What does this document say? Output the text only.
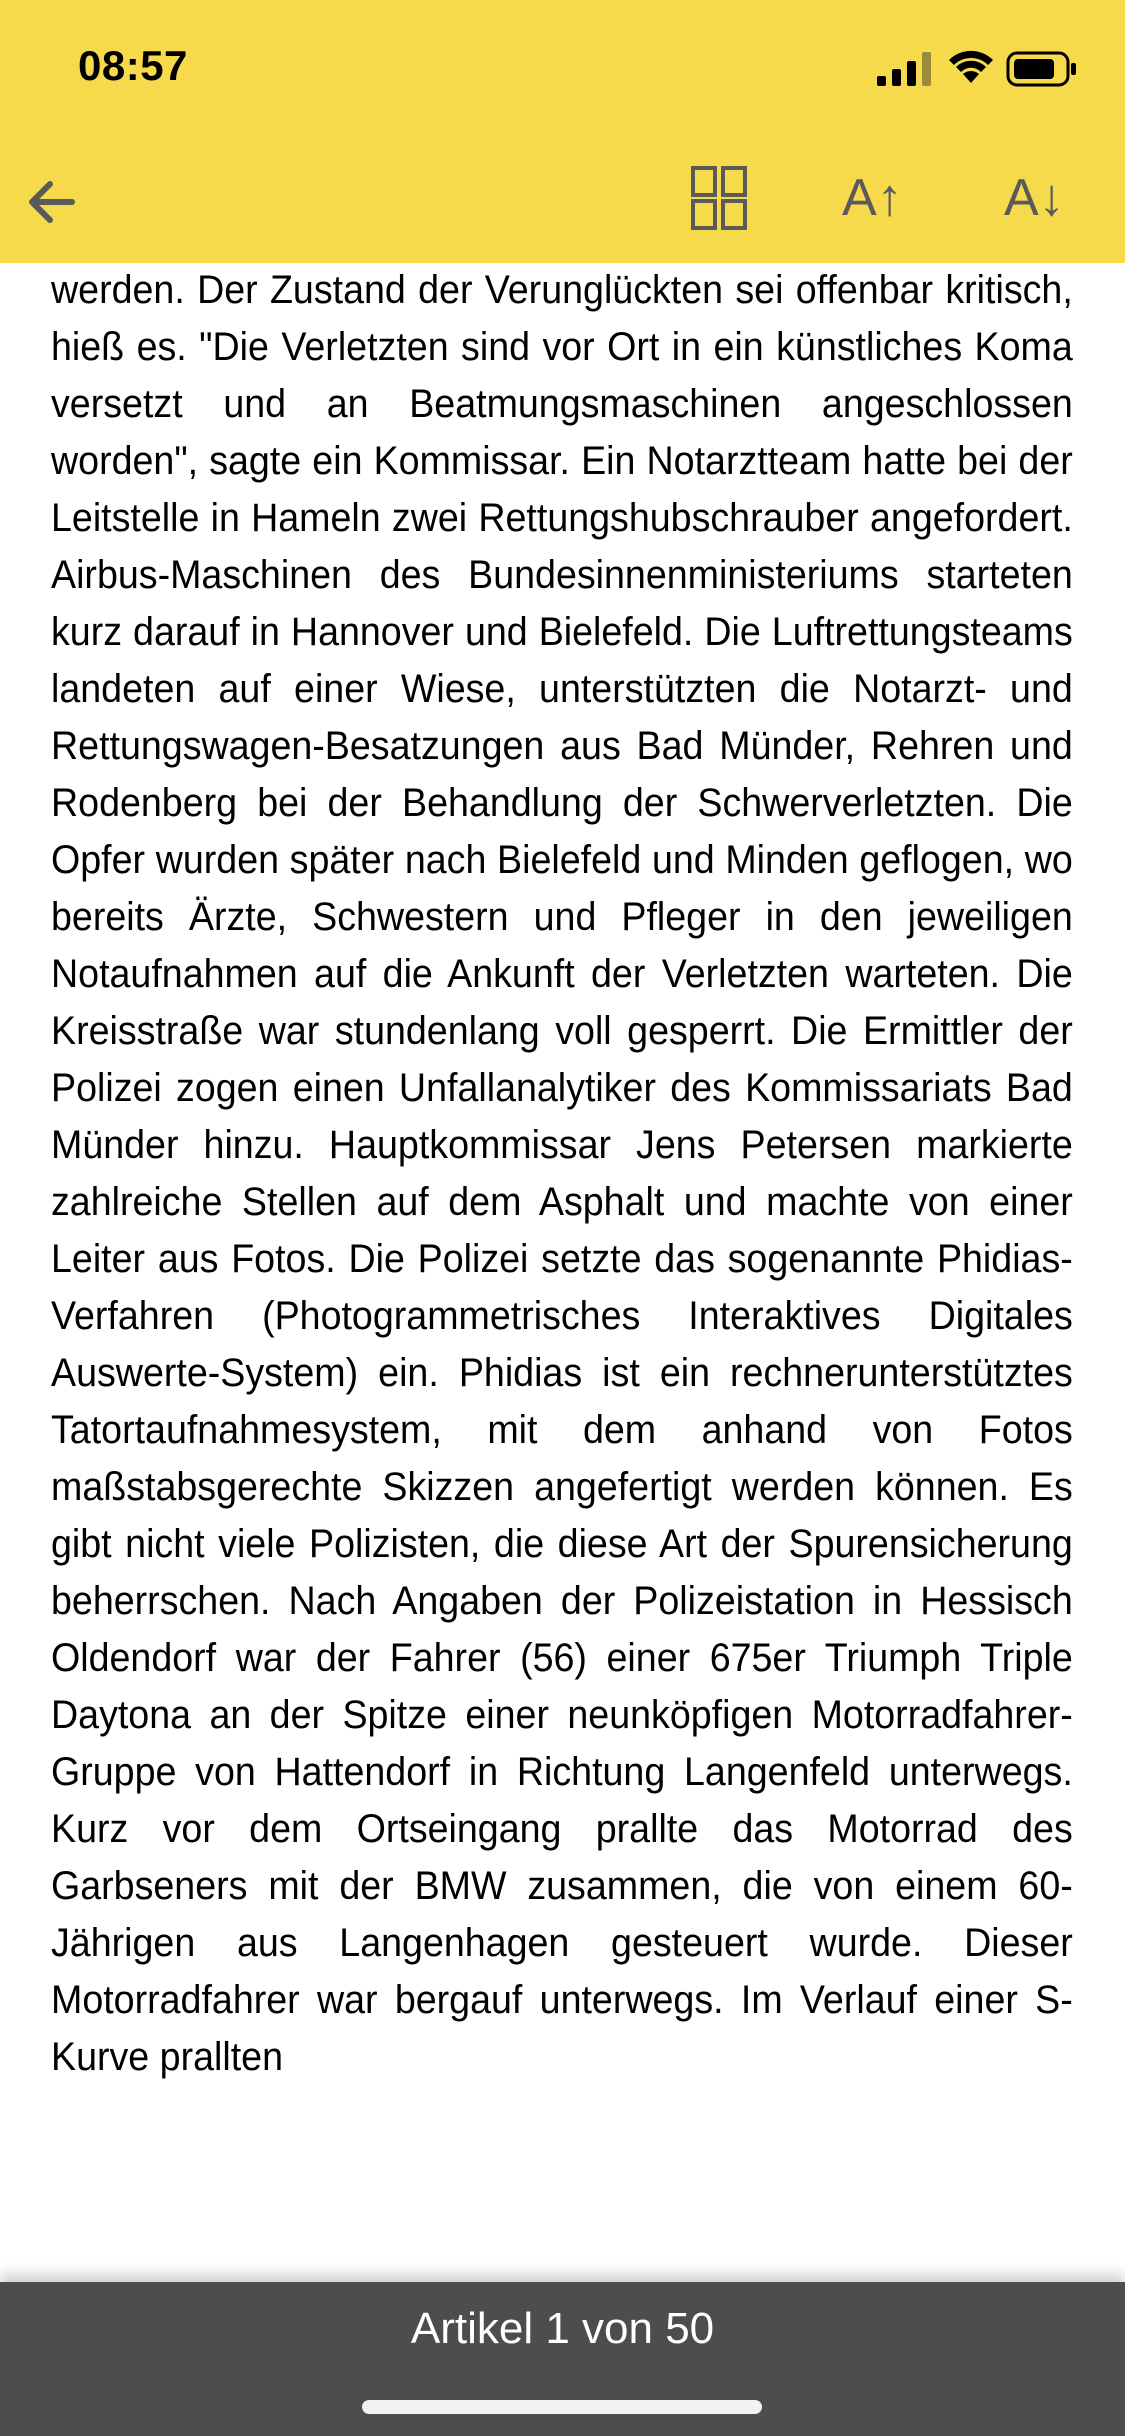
werden. Der Zustand der Verunglückten sei offenbar kritisch, hieß es. "Die Verletzten sind vor Ort in ein künstliches Koma versetzt und an Beatmungsmaschinen angeschlossen worden", sagte ein Kommissar. Ein Notarztteam hatte bei der Leitstelle in Hameln zwei Rettungshubschrauber angefordert. Airbus-Maschinen des Bundesinnenministeriums starteten kurz darauf in Hannover und Bielefeld. Die Luftrettungsteams landeten auf einer Wiese, unterstützten die Notarzt- und Rettungswagen-Besatzungen aus Bad Münder, Rehren und Rodenberg bei der Behandlung der Schwerverletzten. Die Opfer wurden später nach Bielefeld und Minden geflogen, wo bereits Ärzte, Schwestern und Pfleger in den jeweiligen Notaufnahmen auf die Ankunft der Verletzten warteten. Die Kreisstraße war stundenlang voll gesperrt. Die Ermittler der Polizei zogen einen Unfallanalytiker des Kommissariats Bad Münder hinzu. Hauptkommissar Jens Petersen markierte zahlreiche Stellen auf dem Asphalt und machte von einer Leiter aus Fotos. Die Polizei setzte das sogenannte Phidias-Verfahren (Photogrammetrisches Interaktives Digitales Auswerte-System) ein. Phidias ist ein rechnerunterstütztes Tatortaufnahmesystem, mit dem anhand von Fotos maßstabsgerechte Skizzen angefertigt werden können. Es gibt nicht viele Polizisten, die diese Art der Spurensicherung beherrschen. Nach Angaben der Polizeistation in Hessisch Oldendorf war der Fahrer (56) einer 675er Triumph Triple Daytona an der Spitze einer neunköpfigen Motorradfahrer-Gruppe von Hattendorf in Richtung Langenfeld unterwegs. Kurz vor dem Ortseingang prallte das Motorrad des Garbseners mit der BMW zusammen, die von einem 60-Jährigen aus Langenhagen gesteuert wurde. Dieser Motorradfahrer war bergauf unterwegs. Im Verlauf einer S-Kurve prallten

08:57
A↑	A↓
Artikel 1 von 50
